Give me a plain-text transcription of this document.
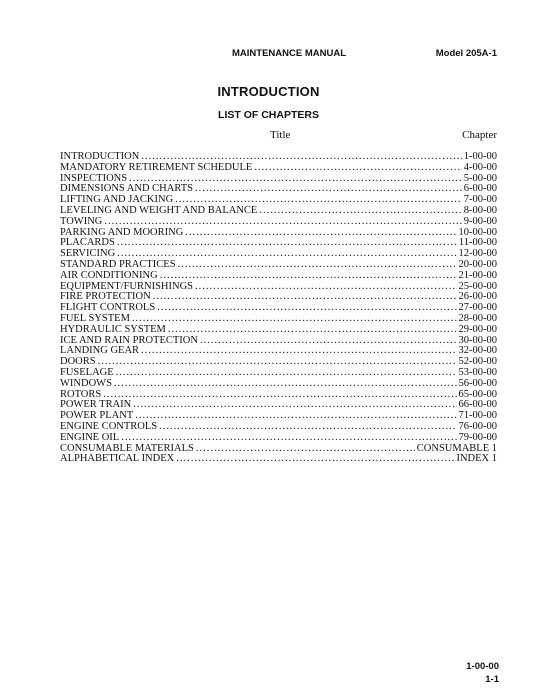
MAINTENANCE MANUAL	Model 205A-1
INTRODUCTION
LIST OF CHAPTERS
Title	Chapter
INTRODUCTION .....	1-00-00
MANDATORY RETIREMENT SCHEDULE .....	4-00-00
INSPECTIONS .....	5-00-00
DIMENSIONS AND CHARTS .....	6-00-00
LIFTING AND JACKING .....	7-00-00
LEVELING AND WEIGHT AND BALANCE .....	8-00-00
TOWING .....	9-00-00
PARKING AND MOORING .....	10-00-00
PLACARDS .....	11-00-00
SERVICING .....	12-00-00
STANDARD PRACTICES .....	20-00-00
AIR CONDITIONING .....	21-00-00
EQUIPMENT/FURNISHINGS .....	25-00-00
FIRE PROTECTION .....	26-00-00
FLIGHT CONTROLS .....	27-00-00
FUEL SYSTEM .....	28-00-00
HYDRAULIC SYSTEM .....	29-00-00
ICE AND RAIN PROTECTION .....	30-00-00
LANDING GEAR .....	32-00-00
DOORS .....	52-00-00
FUSELAGE .....	53-00-00
WINDOWS .....	56-00-00
ROTORS .....	65-00-00
POWER TRAIN .....	66-00-00
POWER PLANT .....	71-00-00
ENGINE CONTROLS .....	76-00-00
ENGINE OIL .....	79-00-00
CONSUMABLE MATERIALS .....	CONSUMABLE 1
ALPHABETICAL INDEX .....	INDEX 1
1-00-00
1-1
